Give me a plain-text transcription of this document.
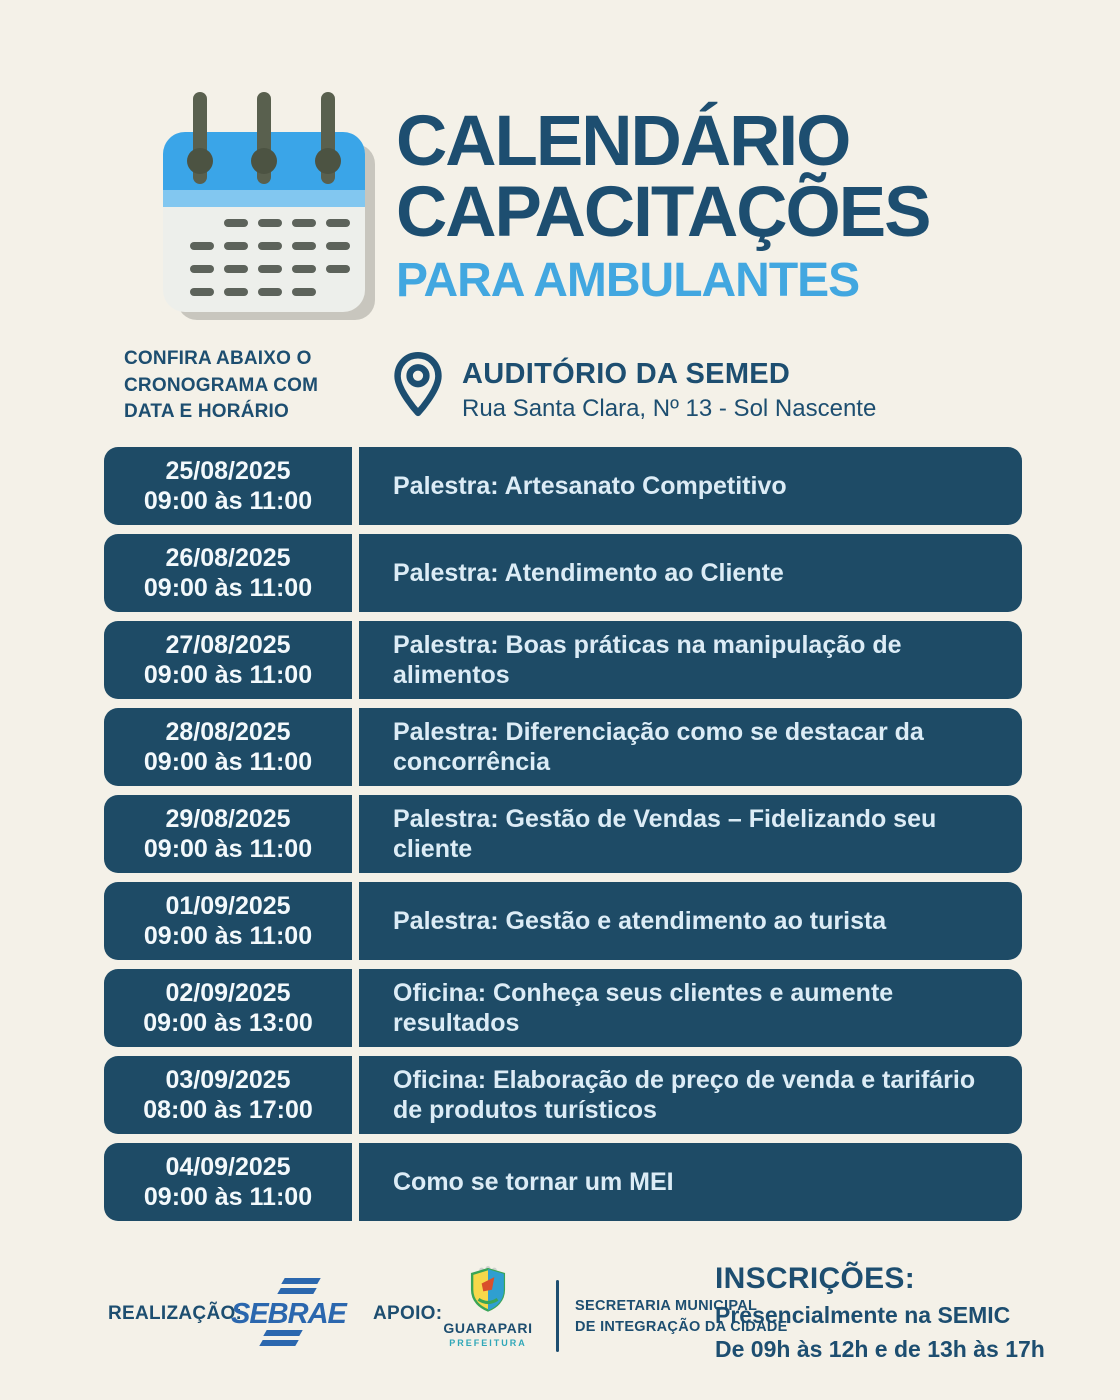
CALENDÁRIO
CAPACITAÇÕES
PARA AMBULANTES
CONFIRA ABAIXO O
CRONOGRAMA COM
DATA E HORÁRIO
AUDITÓRIO DA SEMED
Rua Santa Clara, Nº 13 - Sol Nascente
25/08/2025
09:00 às 11:00
Palestra: Artesanato Competitivo
26/08/2025
09:00 às 11:00
Palestra: Atendimento ao Cliente
27/08/2025
09:00 às 11:00
Palestra: Boas práticas na manipulação de alimentos
28/08/2025
09:00 às 11:00
Palestra: Diferenciação como se destacar da concorrência
29/08/2025
09:00 às 11:00
Palestra: Gestão de Vendas – Fidelizando seu cliente
01/09/2025
09:00 às 11:00
Palestra: Gestão e atendimento ao turista
02/09/2025
09:00 às 13:00
Oficina: Conheça seus clientes e aumente resultados
03/09/2025
08:00 às 17:00
Oficina: Elaboração de preço de venda e tarifário de produtos turísticos
04/09/2025
09:00 às 11:00
Como se tornar um MEI
REALIZAÇÃO:
SEBRAE APOIO:
GUARAPARI
PREFEITURA
SECRETARIA MUNICIPAL
DE INTEGRAÇÃO DA CIDADE
INSCRIÇÕES:
Presencialmente na SEMIC
De 09h às 12h e de 13h às 17h
